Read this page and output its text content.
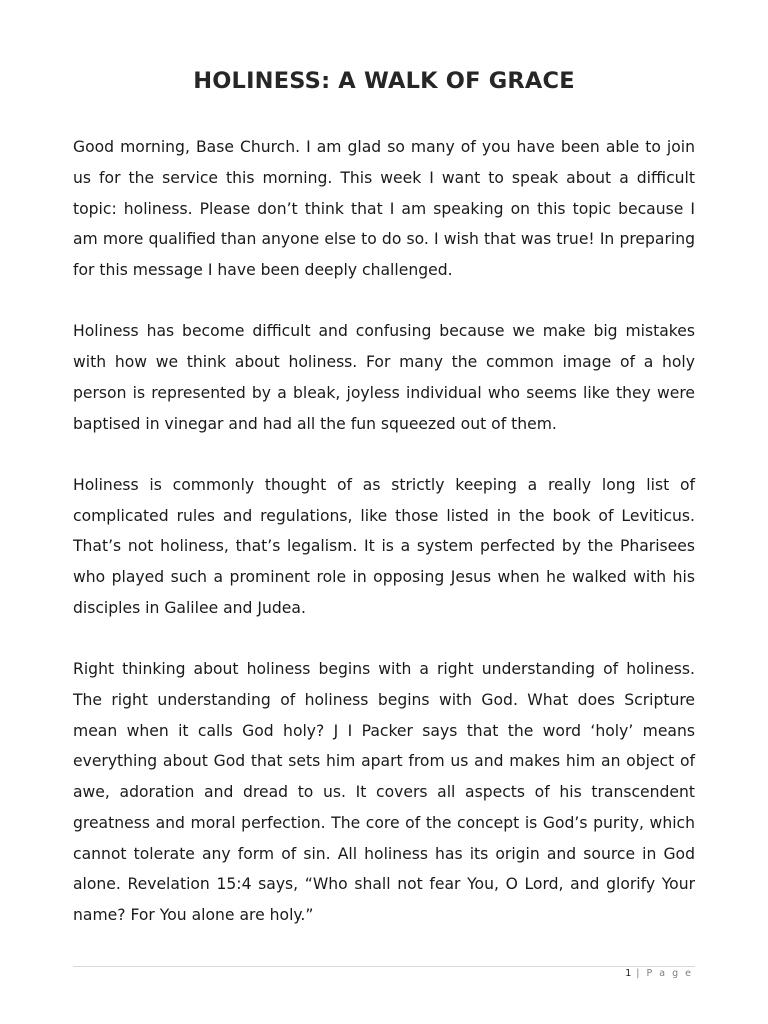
HOLINESS: A WALK OF GRACE

Good morning, Base Church. I am glad so many of you have been able to join us for the service this morning. This week I want to speak about a difficult topic: holiness. Please don’t think that I am speaking on this topic because I am more qualified than anyone else to do so. I wish that was true! In preparing for this message I have been deeply challenged.

Holiness has become difficult and confusing because we make big mistakes with how we think about holiness. For many the common image of a holy person is represented by a bleak, joyless individual who seems like they were baptised in vinegar and had all the fun squeezed out of them.

Holiness is commonly thought of as strictly keeping a really long list of complicated rules and regulations, like those listed in the book of Leviticus. That’s not holiness, that’s legalism. It is a system perfected by the Pharisees who played such a prominent role in opposing Jesus when he walked with his disciples in Galilee and Judea.

Right thinking about holiness begins with a right understanding of holiness. The right understanding of holiness begins with God. What does Scripture mean when it calls God holy? J I Packer says that the word ‘holy’ means everything about God that sets him apart from us and makes him an object of awe, adoration and dread to us. It covers all aspects of his transcendent greatness and moral perfection. The core of the concept is God’s purity, which cannot tolerate any form of sin. All holiness has its origin and source in God alone. Revelation 15:4 says, “Who shall not fear You, O Lord, and glorify Your name? For You alone are holy.”

1 | P a g e
